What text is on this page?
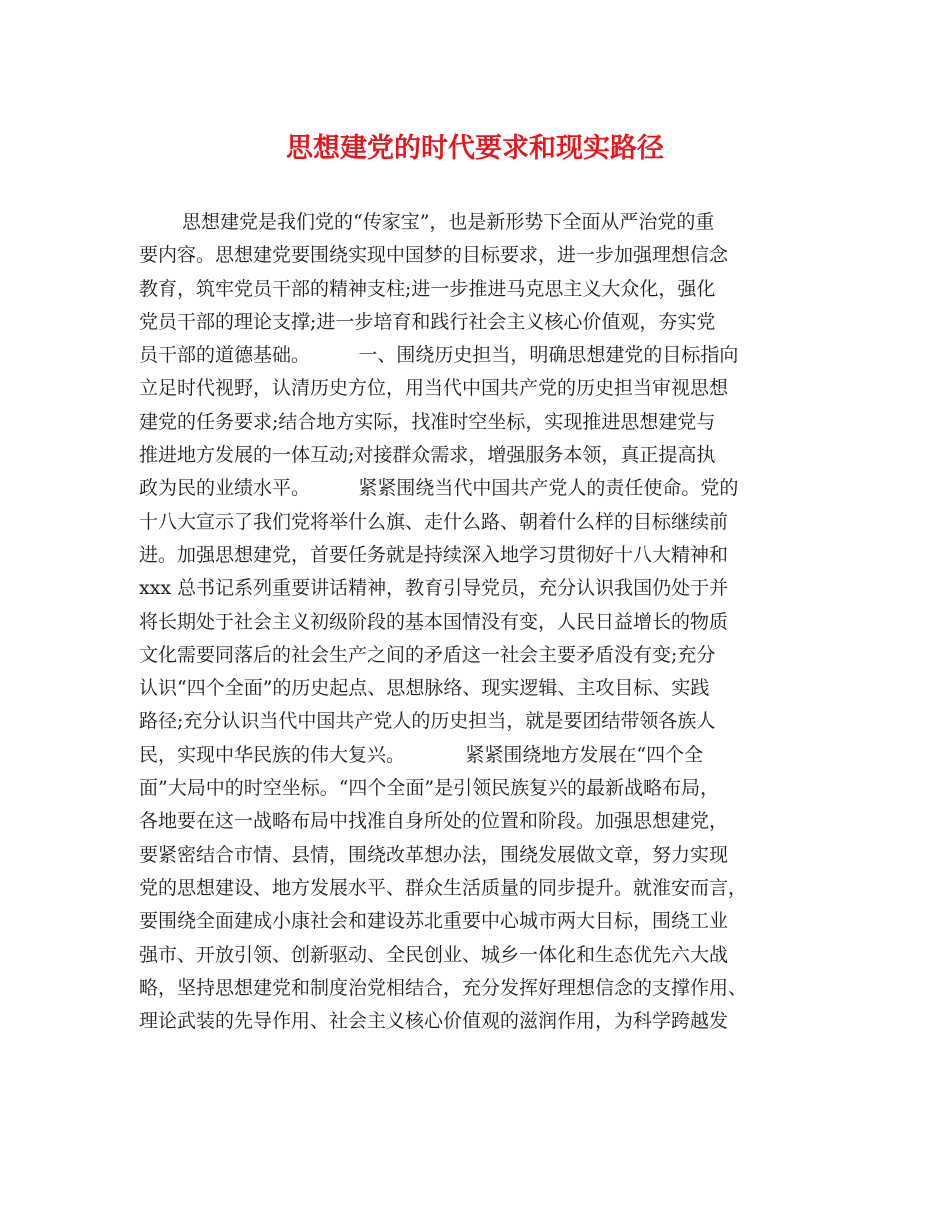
思想建党的时代要求和现实路径
思想建党是我们党的“传家宝”，也是新形势下全面从严治党的重
要内容。思想建党要围绕实现中国梦的目标要求，进一步加强理想信念
教育，筑牢党员干部的精神支柱;进一步推进马克思主义大众化，强化
党员干部的理论支撑;进一步培育和践行社会主义核心价值观，夯实党
员干部的道德基础。        一、围绕历史担当，明确思想建党的目标指向
立足时代视野，认清历史方位，用当代中国共产党的历史担当审视思想
建党的任务要求;结合地方实际，找准时空坐标，实现推进思想建党与
推进地方发展的一体互动;对接群众需求，增强服务本领，真正提高执
政为民的业绩水平。        紧紧围绕当代中国共产党人的责任使命。党的
十八大宣示了我们党将举什么旗、走什么路、朝着什么样的目标继续前
进。加强思想建党，首要任务就是持续深入地学习贯彻好十八大精神和
xxx 总书记系列重要讲话精神，教育引导党员，充分认识我国仍处于并
将长期处于社会主义初级阶段的基本国情没有变，人民日益增长的物质
文化需要同落后的社会生产之间的矛盾这一社会主要矛盾没有变;充分
认识“四个全面”的历史起点、思想脉络、现实逻辑、主攻目标、实践
路径;充分认识当代中国共产党人的历史担当，就是要团结带领各族人
民，实现中华民族的伟大复兴。          紧紧围绕地方发展在“四个全
面”大局中的时空坐标。“四个全面”是引领民族复兴的最新战略布局，
各地要在这一战略布局中找准自身所处的位置和阶段。加强思想建党，
要紧密结合市情、县情，围绕改革想办法，围绕发展做文章，努力实现
党的思想建设、地方发展水平、群众生活质量的同步提升。就淮安而言，
要围绕全面建成小康社会和建设苏北重要中心城市两大目标，围绕工业
强市、开放引领、创新驱动、全民创业、城乡一体化和生态优先六大战
略，坚持思想建党和制度治党相结合，充分发挥好理想信念的支撑作用、
理论武装的先导作用、社会主义核心价值观的滋润作用，为科学跨越发
